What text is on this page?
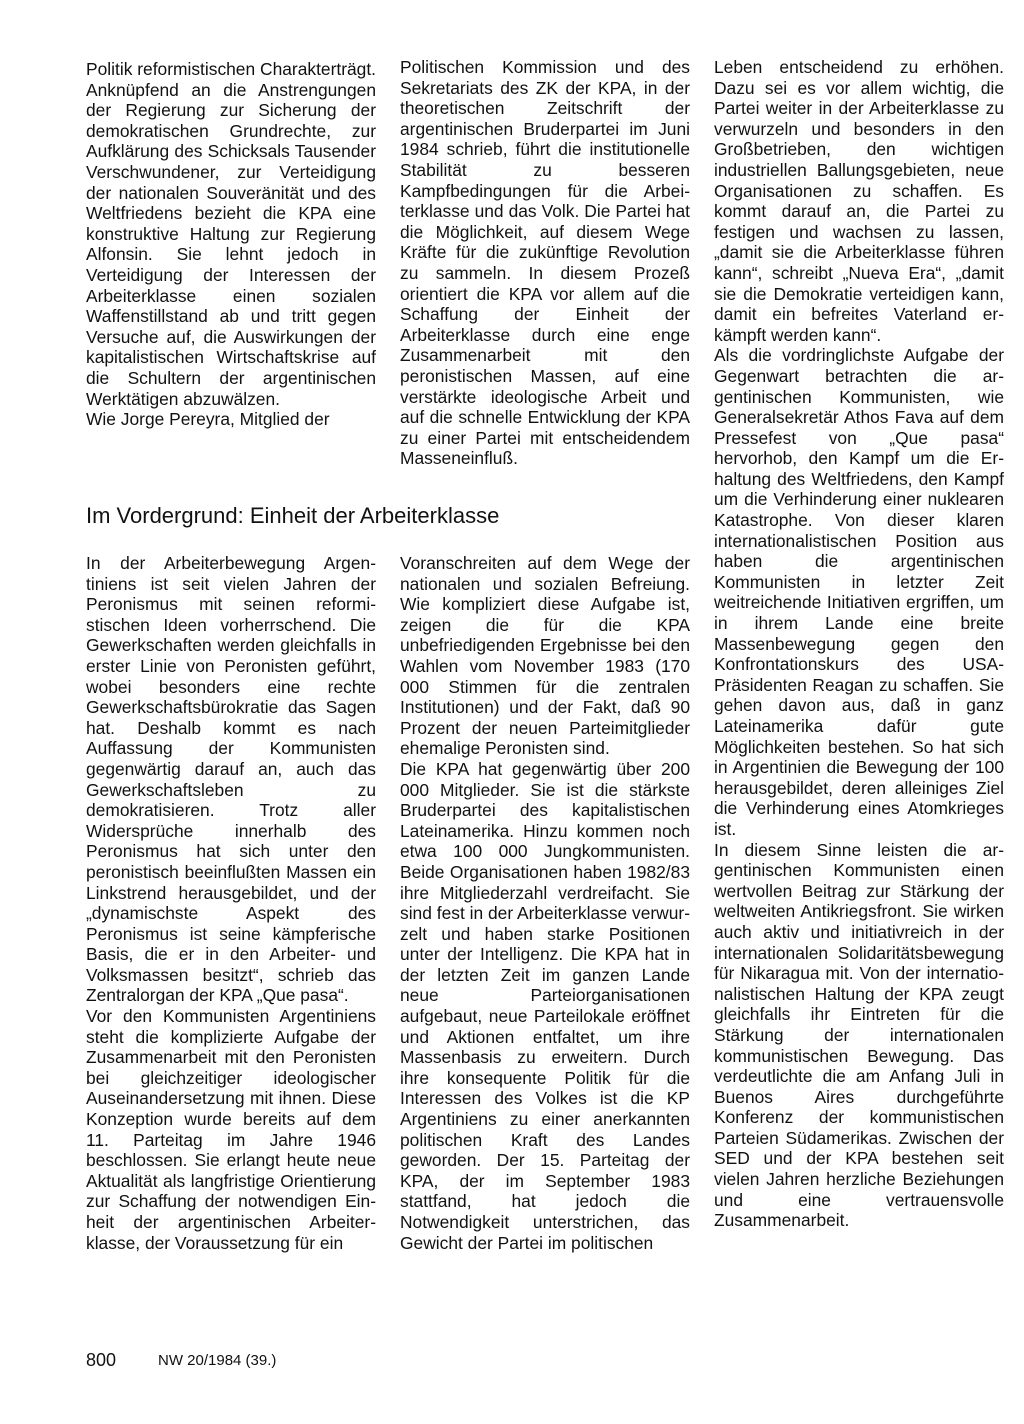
Politik reformistischen Charakterträgt. Anknüpfend an die Anstrengungen der Regierung zur Sicherung der demokratischen Grundrechte, zur Aufklärung des Schicksals Tausender Verschwundener, zur Verteidigung der nationalen Souveränität und des Weltfriedens bezieht die KPA eine konstruktive Haltung zur Regierung Alfonsin. Sie lehnt jedoch in Verteidigung der Interessen der Arbeiterklasse einen sozialen Waffenstillstand ab und tritt gegen Versuche auf, die Auswirkungen der kapitalistischen Wirtschaftskrise auf die Schultern der argentinischen Werktätigen abzuwälzen.

Wie Jorge Pereyra, Mitglied der

Politischen Kommission und des Sekretariats des ZK der KPA, in der theoretischen Zeitschrift der argentinischen Bruderpartei im Juni 1984 schrieb, führt die institutionelle Stabilität zu besseren Kampfbedingungen für die Arbeiterklasse und das Volk. Die Partei hat die Möglichkeit, auf diesem Wege Kräfte für die zukünftige Revolution zu sammeln. In diesem Prozeß orientiert die KPA vor allem auf die Schaffung der Einheit der Arbeiterklasse durch eine enge Zusammenarbeit mit den peronistischen Massen, auf eine verstärkte ideologische Arbeit und auf die schnelle Entwicklung der KPA zu einer Partei mit entscheidendem Masseneinfluß.

Leben entscheidend zu erhöhen. Dazu sei es vor allem wichtig, die Partei weiter in der Arbeiterklasse zu verwurzeln und besonders in den Großbetrieben, den wichtigen industriellen Ballungsgebieten, neue Organisationen zu schaffen. Es kommt darauf an, die Partei zu festigen und wachsen zu lassen, „damit sie die Arbeiterklasse führen kann“, schreibt „Nueva Era“, „damit sie die Demokratie verteidigen kann, damit ein befreites Vaterland erkämpft werden kann“.

Als die vordringlichste Aufgabe der Gegenwart betrachten die argentinischen Kommunisten, wie Generalsekretär Athos Fava auf dem Pressefest von „Que pasa“ hervorhob, den Kampf um die Erhaltung des Weltfriedens, den Kampf um die Verhinderung einer nuklearen Katastrophe. Von dieser klaren internationalistischen Position aus haben die argentinischen Kommunisten in letzter Zeit weitreichende Initiativen ergriffen, um in ihrem Lande eine breite Massenbewegung gegen den Konfrontationskurs des USA-Präsidenten Reagan zu schaffen. Sie gehen davon aus, daß in ganz Lateinamerika dafür gute Möglichkeiten bestehen. So hat sich in Argentinien die Bewegung der 100 herausgebildet, deren alleiniges Ziel die Verhinderung eines Atomkrieges ist.

In diesem Sinne leisten die argentinischen Kommunisten einen wertvollen Beitrag zur Stärkung der weltweiten Antikriegsfront. Sie wirken auch aktiv und initiativreich in der internationalen Solidaritätsbewegung für Nikaragua mit. Von der internationalistischen Haltung der KPA zeugt gleichfalls ihr Eintreten für die Stärkung der internationalen kommunistischen Bewegung. Das verdeutlichte die am Anfang Juli in Buenos Aires durchgeführte Konferenz der kommunistischen Parteien Südamerikas. Zwischen der SED und der KPA bestehen seit vielen Jahren herzliche Beziehungen und eine vertrauensvolle Zusammenarbeit.

Im Vordergrund: Einheit der Arbeiterklasse

In der Arbeiterbewegung Argentiniens ist seit vielen Jahren der Peronismus mit seinen reformistischen Ideen vorherrschend. Die Gewerkschaften werden gleichfalls in erster Linie von Peronisten geführt, wobei besonders eine rechte Gewerkschaftsbürokratie das Sagen hat. Deshalb kommt es nach Auffassung der Kommunisten gegenwärtig darauf an, auch das Gewerkschaftsleben zu demokratisieren. Trotz aller Widersprüche innerhalb des Peronismus hat sich unter den peronistisch beeinflußten Massen ein Linkstrend herausgebildet, und der „dynamischste Aspekt des Peronismus ist seine kämpferische Basis, die er in den Arbeiter- und Volksmassen besitzt“, schrieb das Zentralorgan der KPA „Que pasa“.

Vor den Kommunisten Argentiniens steht die komplizierte Aufgabe der Zusammenarbeit mit den Peronisten bei gleichzeitiger ideologischer Auseinandersetzung mit ihnen. Diese Konzeption wurde bereits auf dem 11. Parteitag im Jahre 1946 beschlossen. Sie erlangt heute neue Aktualität als langfristige Orientierung zur Schaffung der notwendigen Einheit der argentinischen Arbeiterklasse, der Voraussetzung für ein

Voranschreiten auf dem Wege der nationalen und sozialen Befreiung. Wie kompliziert diese Aufgabe ist, zeigen die für die KPA unbefriedigenden Ergebnisse bei den Wahlen vom November 1983 (170 000 Stimmen für die zentralen Institutionen) und der Fakt, daß 90 Prozent der neuen Parteimitglieder ehemalige Peronisten sind.

Die KPA hat gegenwärtig über 200 000 Mitglieder. Sie ist die stärkste Bruderpartei des kapitalistischen Lateinamerika. Hinzu kommen noch etwa 100 000 Jungkommunisten. Beide Organisationen haben 1982/83 ihre Mitgliederzahl verdreifacht. Sie sind fest in der Arbeiterklasse verwurzelt und haben starke Positionen unter der Intelligenz. Die KPA hat in der letzten Zeit im ganzen Lande neue Parteiorganisationen aufgebaut, neue Parteilokale eröffnet und Aktionen entfaltet, um ihre Massenbasis zu erweitern. Durch ihre konsequente Politik für die Interessen des Volkes ist die KP Argentiniens zu einer anerkannten politischen Kraft des Landes geworden. Der 15. Parteitag der KPA, der im September 1983 stattfand, hat jedoch die Notwendigkeit unterstrichen, das Gewicht der Partei im politischen

800	NW 20/1984 (39.)
